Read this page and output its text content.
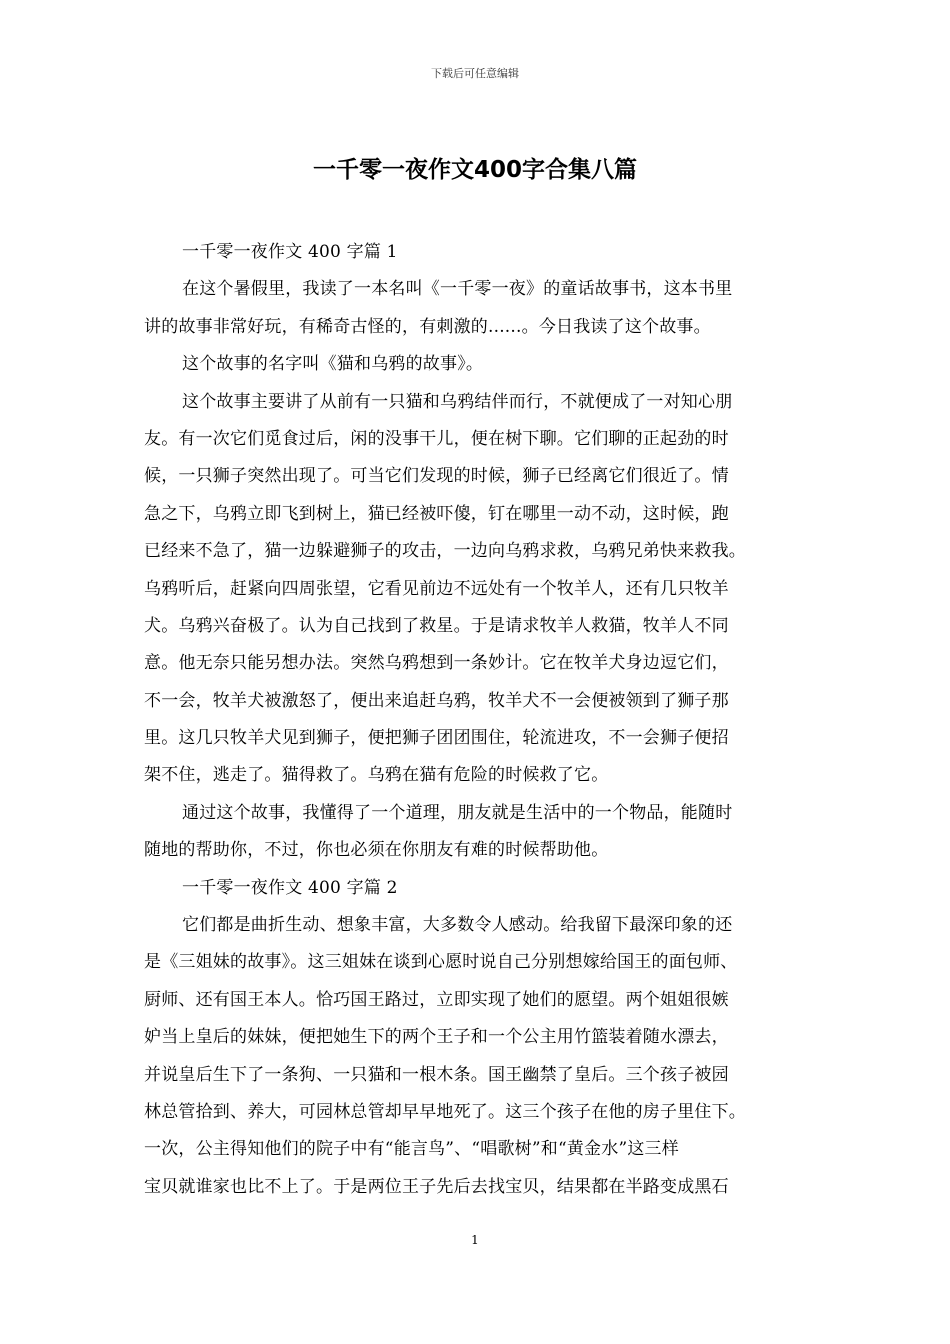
下载后可任意编辑
一千零一夜作文400字合集八篇
一千零一夜作文 400 字篇 1
在这个暑假里，我读了一本名叫《一千零一夜》的童话故事书，这本书里
讲的故事非常好玩，有稀奇古怪的，有刺激的......。今日我读了这个故事。
这个故事的名字叫《猫和乌鸦的故事》。
这个故事主要讲了从前有一只猫和乌鸦结伴而行，不就便成了一对知心朋
友。有一次它们觅食过后，闲的没事干儿，便在树下聊。它们聊的正起劲的时
候，一只狮子突然出现了。可当它们发现的时候，狮子已经离它们很近了。情
急之下，乌鸦立即飞到树上，猫已经被吓傻，钉在哪里一动不动，这时候，跑
已经来不急了，猫一边躲避狮子的攻击，一边向乌鸦求救，乌鸦兄弟快来救我。
乌鸦听后，赶紧向四周张望，它看见前边不远处有一个牧羊人，还有几只牧羊
犬。乌鸦兴奋极了。认为自己找到了救星。于是请求牧羊人救猫，牧羊人不同
意。他无奈只能另想办法。突然乌鸦想到一条妙计。它在牧羊犬身边逗它们，
不一会，牧羊犬被激怒了，便出来追赶乌鸦，牧羊犬不一会便被领到了狮子那
里。这几只牧羊犬见到狮子，便把狮子团团围住，轮流进攻，不一会狮子便招
架不住，逃走了。猫得救了。乌鸦在猫有危险的时候救了它。
通过这个故事，我懂得了一个道理，朋友就是生活中的一个物品，能随时
随地的帮助你，不过，你也必须在你朋友有难的时候帮助他。
一千零一夜作文 400 字篇 2
它们都是曲折生动、想象丰富，大多数令人感动。给我留下最深印象的还
是《三姐妹的故事》。这三姐妹在谈到心愿时说自己分别想嫁给国王的面包师、
厨师、还有国王本人。恰巧国王路过，立即实现了她们的愿望。两个姐姐很嫉
妒当上皇后的妹妹，便把她生下的两个王子和一个公主用竹篮装着随水漂去，
并说皇后生下了一条狗、一只猫和一根木条。国王幽禁了皇后。三个孩子被园
林总管拾到、养大，可园林总管却早早地死了。这三个孩子在他的房子里住下。
一次，公主得知他们的院子中有“能言鸟”、“唱歌树”和“黄金水”这三样
宝贝就谁家也比不上了。于是两位王子先后去找宝贝，结果都在半路变成黑石
1
